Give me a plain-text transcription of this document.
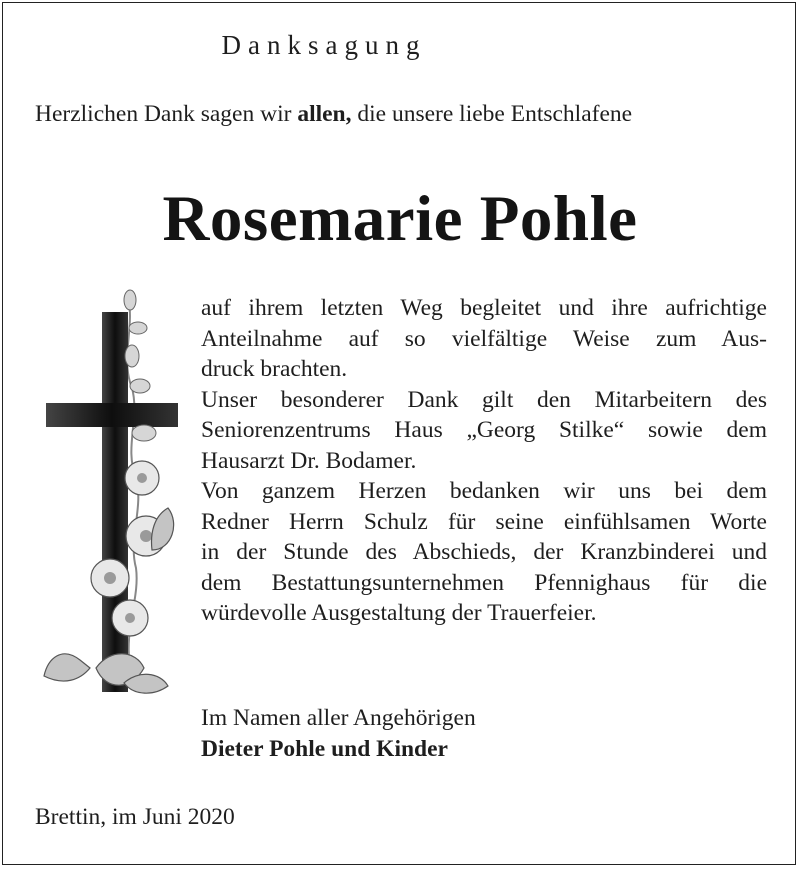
Danksagung
Herzlichen Dank sagen wir allen, die unsere liebe Entschlafene
Rosemarie Pohle
auf ihrem letzten Weg begleitet und ihre aufrichtige
Anteilnahme auf so vielfältige Weise zum Aus-
druck brachten.
Unser besonderer Dank gilt den Mitarbeitern des
Seniorenzentrums Haus „Georg Stilke“ sowie dem
Hausarzt Dr. Bodamer.
Von ganzem Herzen bedanken wir uns bei dem
Redner Herrn Schulz für seine einfühlsamen Worte
in der Stunde des Abschieds, der Kranzbinderei und
dem Bestattungsunternehmen Pfennighaus für die
würdevolle Ausgestaltung der Trauerfeier.
Im Namen aller Angehörigen
Dieter Pohle und Kinder
Brettin, im Juni 2020
